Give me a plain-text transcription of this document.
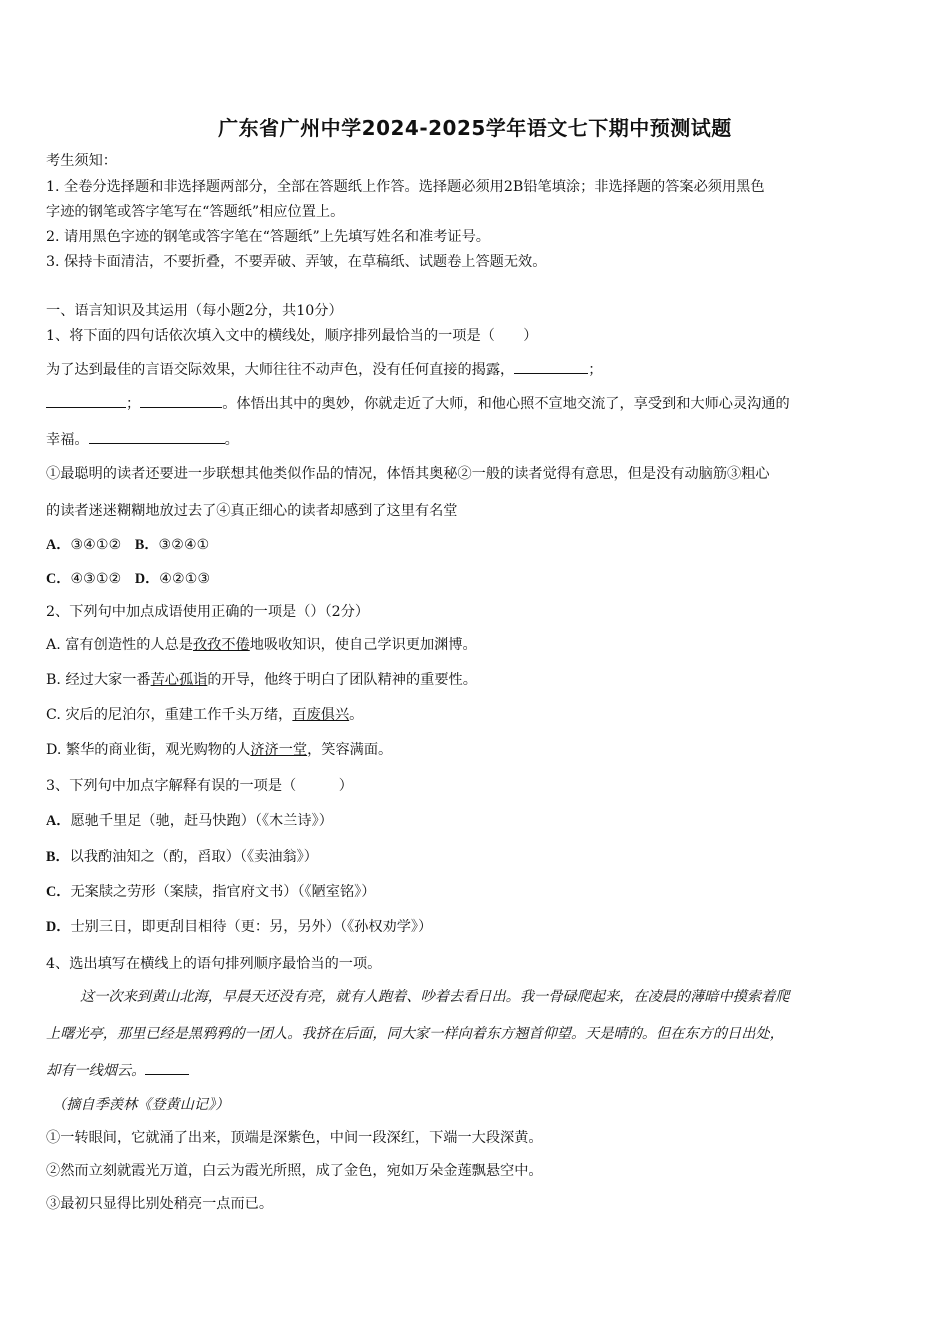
广东省广州中学2024-2025学年语文七下期中预测试题
考生须知：
1. 全卷分选择题和非选择题两部分，全部在答题纸上作答。选择题必须用2B铅笔填涂；非选择题的答案必须用黑色
字迹的钢笔或答字笔写在“答题纸”相应位置上。
2. 请用黑色字迹的钢笔或答字笔在“答题纸”上先填写姓名和准考证号。
3. 保持卡面清洁，不要折叠，不要弄破、弄皱，在草稿纸、试题卷上答题无效。
一、语言知识及其运用（每小题2分，共10分）
1、将下面的四句话依次填入文中的横线处，顺序排列最恰当的一项是（　　）
为了达到最佳的言语交际效果，大师往往不动声色，没有任何直接的揭露，	；
；	。体悟出其中的奥妙，你就走近了大师，和他心照不宣地交流了，享受到和大师心灵沟通的
幸福。	。
①最聪明的读者还要进一步联想其他类似作品的情况，体悟其奥秘②一般的读者觉得有意思，但是没有动脑筋③粗心
的读者迷迷糊糊地放过去了④真正细心的读者却感到了这里有名堂
A．③④①② B．③②④①
C．④③①② D．④②①③
2、下列句中加点成语使用正确的一项是（）（2分）
A. 富有创造性的人总是孜孜不倦地吸收知识，使自己学识更加渊博。
B. 经过大家一番苦心孤诣的开导，他终于明白了团队精神的重要性。
C. 灾后的尼泊尔，重建工作千头万绪，百废俱兴。
D. 繁华的商业街，观光购物的人济济一堂，笑容满面。
3、下列句中加点字解释有误的一项是（　　　）
A．愿驰千里足（驰，赶马快跑）（《木兰诗》）
B．以我酌油知之（酌，舀取）（《卖油翁》）
C．无案牍之劳形（案牍，指官府文书）（《陋室铭》）
D．士别三日，即更刮目相待（更：另，另外）（《孙权劝学》）
4、选出填写在横线上的语句排列顺序最恰当的一项。
这一次来到黄山北海，早晨天还没有亮，就有人跑着、吵着去看日出。我一骨碌爬起来，在凌晨的薄暗中摸索着爬
上曙光亭，那里已经是黑鸦鸦的一团人。我挤在后面，同大家一样向着东方翘首仰望。天是晴的。但在东方的日出处，
却有一线烟云。
（摘自季羡林《登黄山记》）
①一转眼间，它就涌了出来，顶端是深紫色，中间一段深红，下端一大段深黄。
②然而立刻就霞光万道，白云为霞光所照，成了金色，宛如万朵金莲飘悬空中。
③最初只显得比别处稍亮一点而已。
